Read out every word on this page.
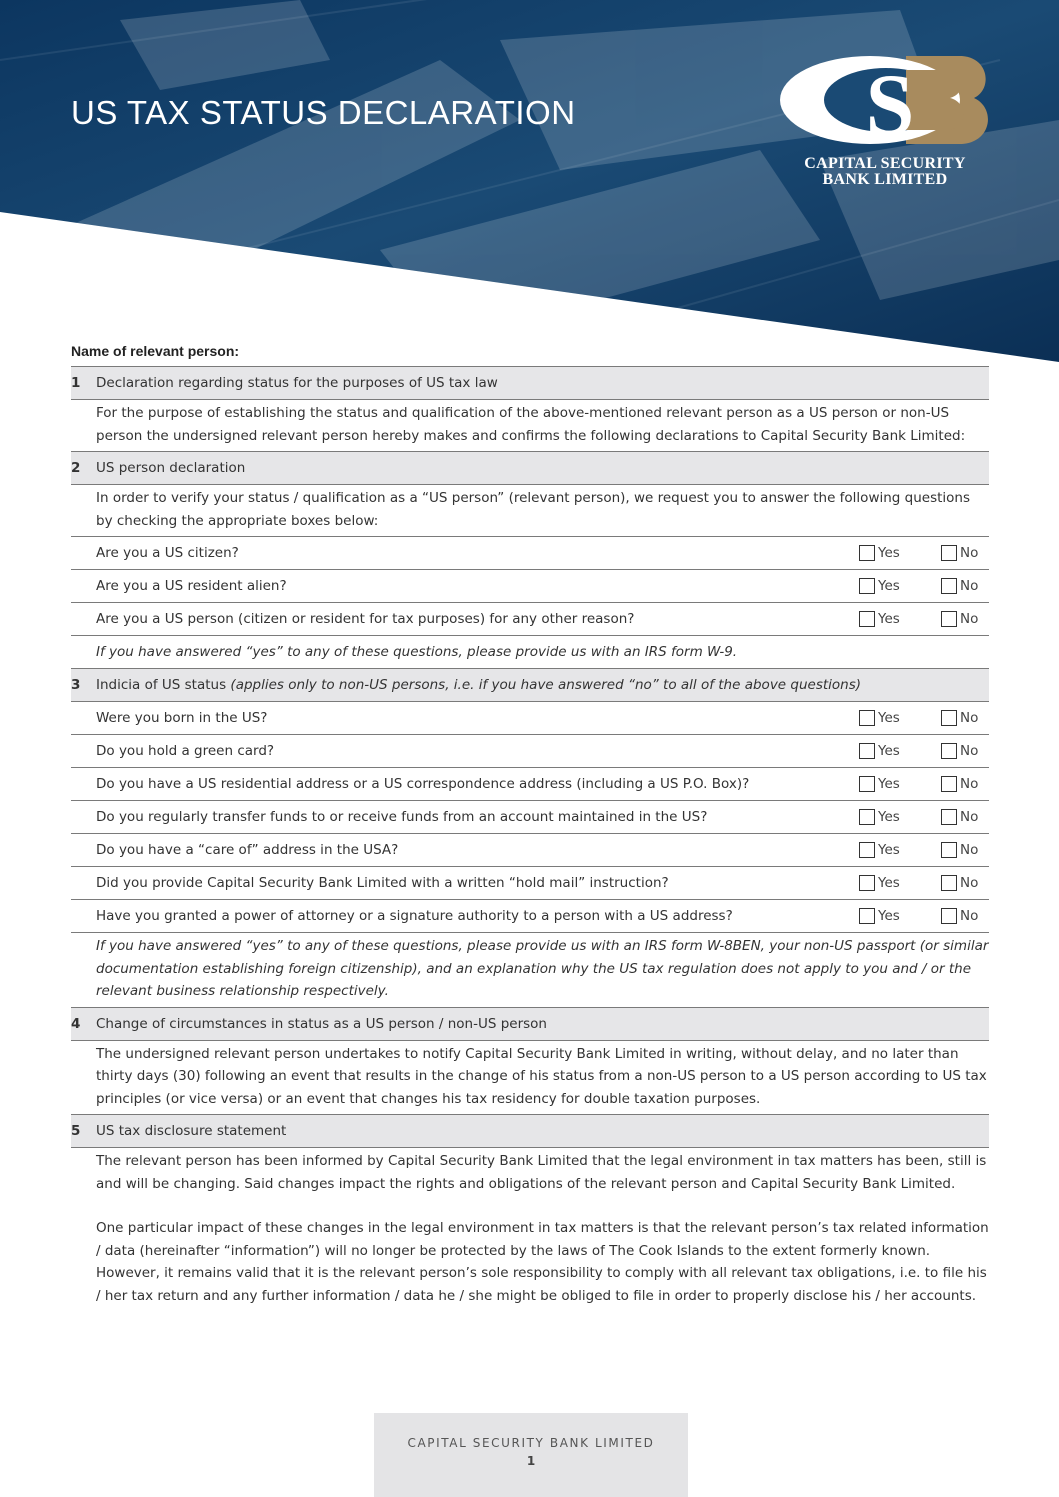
US TAX STATUS DECLARATION	S
CAPITAL SECURITY
BANK LIMITED
Name of relevant person:
1	Declaration regarding status for the purposes of US tax law
For the purpose of establishing the status and qualification of the above-mentioned relevant person as a US person or non-US person the undersigned relevant person hereby makes and confirms the following declarations to Capital Security Bank Limited:
2	US person declaration
In order to verify your status / qualification as a “US person” (relevant person), we request you to answer the following questions by checking the appropriate boxes below:
Are you a US citizen?	Yes	No
Are you a US resident alien?	Yes	No
Are you a US person (citizen or resident for tax purposes) for any other reason?	Yes	No
If you have answered “yes” to any of these questions, please provide us with an IRS form W-9.
3	Indicia of US status (applies only to non-US persons, i.e. if you have answered “no” to all of the above questions)
Were you born in the US?	Yes	No
Do you hold a green card?	Yes	No
Do you have a US residential address or a US correspondence address (including a US P.O. Box)?	Yes	No
Do you regularly transfer funds to or receive funds from an account maintained in the US?	Yes	No
Do you have a “care of” address in the USA?	Yes	No
Did you provide Capital Security Bank Limited with a written “hold mail” instruction?	Yes	No
Have you granted a power of attorney or a signature authority to a person with a US address?	Yes	No
If you have answered “yes” to any of these questions, please provide us with an IRS form W-8BEN, your non-US passport (or similar documentation establishing foreign citizenship), and an explanation why the US tax regulation does not apply to you and / or the relevant business relationship respectively.
4	Change of circumstances in status as a US person / non-US person
The undersigned relevant person undertakes to notify Capital Security Bank Limited in writing, without delay, and no later than thirty days (30) following an event that results in the change of his status from a non-US person to a US person according to US tax principles (or vice versa) or an event that changes his tax residency for double taxation purposes.
5	US tax disclosure statement
The relevant person has been informed by Capital Security Bank Limited that the legal environment in tax matters has been, still is and will be changing. Said changes impact the rights and obligations of the relevant person and Capital Security Bank Limited.
One particular impact of these changes in the legal environment in tax matters is that the relevant person’s tax related information / data (hereinafter “information”) will no longer be protected by the laws of The Cook Islands to the extent formerly known. However, it remains valid that it is the relevant person’s sole responsibility to comply with all relevant tax obligations, i.e. to file his / her tax return and any further information / data he / she might be obliged to file in order to properly disclose his / her accounts.
CAPITAL SECURITY BANK LIMITED
1
